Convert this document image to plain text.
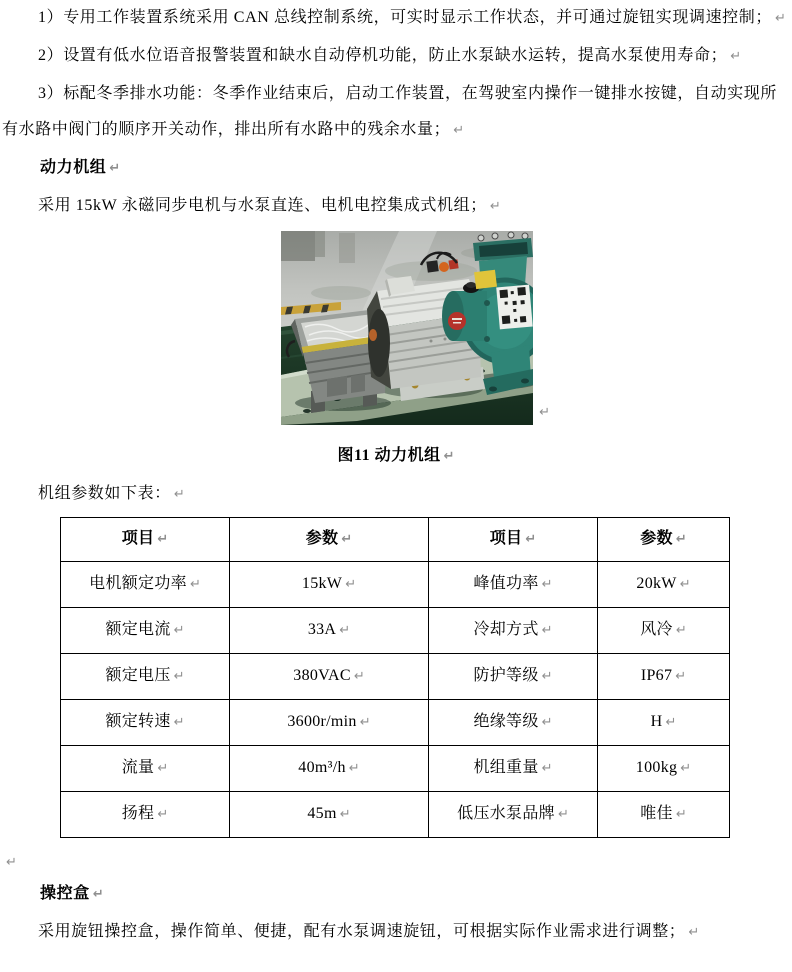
1）专用工作装置系统采用 CAN 总线控制系统，可实时显示工作状态，并可通过旋钮实现调速控制； ↵

2）设置有低水位语音报警装置和缺水自动停机功能，防止水泵缺水运转，提高水泵使用寿命； ↵

3）标配冬季排水功能：冬季作业结束后，启动工作装置，在驾驶室内操作一键排水按键，自动实现所有水路中阀门的顺序开关动作，排出所有水路中的残余水量； ↵

动力机组 ↵

采用 15kW 永磁同步电机与水泵直连、电机电控集成式机组； ↵

↵

图11 动力机组 ↵

机组参数如下表： ↵

项目 ↵	参数 ↵	项目 ↵	参数 ↵
电机额定功率 ↵	15kW ↵	峰值功率 ↵	20kW ↵
额定电流 ↵	33A ↵	冷却方式 ↵	风冷 ↵
额定电压 ↵	380VAC ↵	防护等级 ↵	IP67 ↵
额定转速 ↵	3600r/min ↵	绝缘等级 ↵	H ↵
流量 ↵	40m³/h ↵	机组重量 ↵	100kg ↵
扬程 ↵	45m ↵	低压水泵品牌 ↵	唯佳 ↵

$_↵$

操控盒 ↵

采用旋钮操控盒，操作简单、便捷，配有水泵调速旋钮，可根据实际作业需求进行调整； ↵
